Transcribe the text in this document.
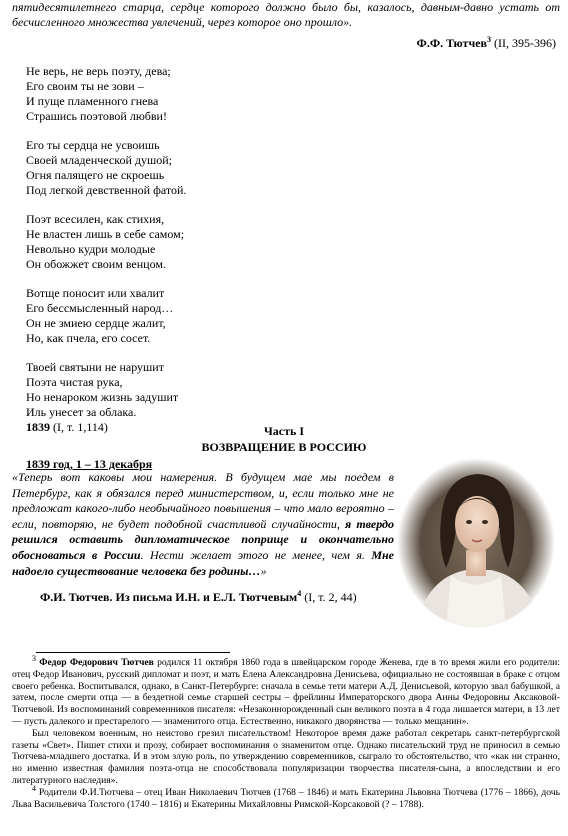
пятидесятилетнего старца, сердце которого должно было бы, казалось, давным-давно устать от бесчисленного множества увлечений, через которое оно прошло».
Ф.Ф. Тютчев$^3$ (II, 395-396)
Не верь, не верь поэту, дева;
Его своим ты не зови –
И пуще пламенного гнева
Страшись поэтовой любви!
Его ты сердца не усвоишь
Своей младенческой душой;
Огня палящего не скроешь
Под легкой девственной фатой.
Поэт всесилен, как стихия,
Не властен лишь в себе самом;
Невольно кудри молодые
Он обожжет своим венцом.
Вотще поносит или хвалит
Его бессмысленный народ…
Он не змиею сердце жалит,
Но, как пчела, его сосет.
Твоей святыни не нарушит
Поэта чистая рука,
Но ненароком жизнь задушит
Иль унесет за облака.
1839 (I, т. 1,114)	Часть I
ВОЗВРАЩЕНИЕ В РОССИЮ
1839 год, 1 – 13 декабря
«Теперь вот каковы мои намерения. В будущем мае мы поедем в Петербург, как я обязался перед министерством, и, если только мне не предложат какого-либо необычайного повышения – что мало вероятно – если, повторяю, не будет подобной счастливой случайности, я твердо решился оставить дипломатическое поприще и окончательно обосноваться в России. Нести желает этого не менее, чем я. Мне надоело существование человека без родины…»
Ф.И. Тютчев. Из письма И.Н. и Е.Л. Тютчевым$^4$ (I, т. 2, 44)

$^3$ Федор Федорович Тютчев родился 11 октября 1860 года в швейцарском городе Женева, где в то время жили его родители: отец Федор Иванович, русский дипломат и поэт, и мать Елена Александровна Денисьева, официально не состоявшая в браке с отцом своего ребенка. Воспитывался, однако, в Санкт-Петербурге: сначала в семье тети матери А.Д. Денисьевой, которую звал бабушкой, а затем, после смерти отца — в бездетной семье старшей сестры – фрейлины Императорского двора Анны Федоровны Аксаковой-Тютчевой. Из воспоминаний современников писателя: «Незаконнорожденный сын великого поэта в 4 года лишается матери, в 13 лет — пусть далекого и престарелого — знаменитого отца. Естественно, никакого дворянства — только мещанин».

Был человеком военным, но неистово грезил писательством! Некоторое время даже работал секретарь санкт-петербургской газеты «Свет». Пишет стихи и прозу, собирает воспоминания о знаменитом отце. Однако писательский труд не приносил в семью Тютчева-младшего достатка. И в этом злую роль, по утверждению современников, сыграло то обстоятельство, что «как ни странно, но именно известная фамилия поэта-отца не способствовала популяризации творчества писателя-сына, а впоследствии и его литературного наследия».

$^4$ Родители Ф.И.Тютчева – отец Иван Николаевич Тютчев (1768 – 1846) и мать Екатерина Львовна Тютчева (1776 – 1866), дочь Льва Васильевича Толстого (1740 – 1816) и Екатерины Михайловны Римской-Корсаковой (? – 1788).
